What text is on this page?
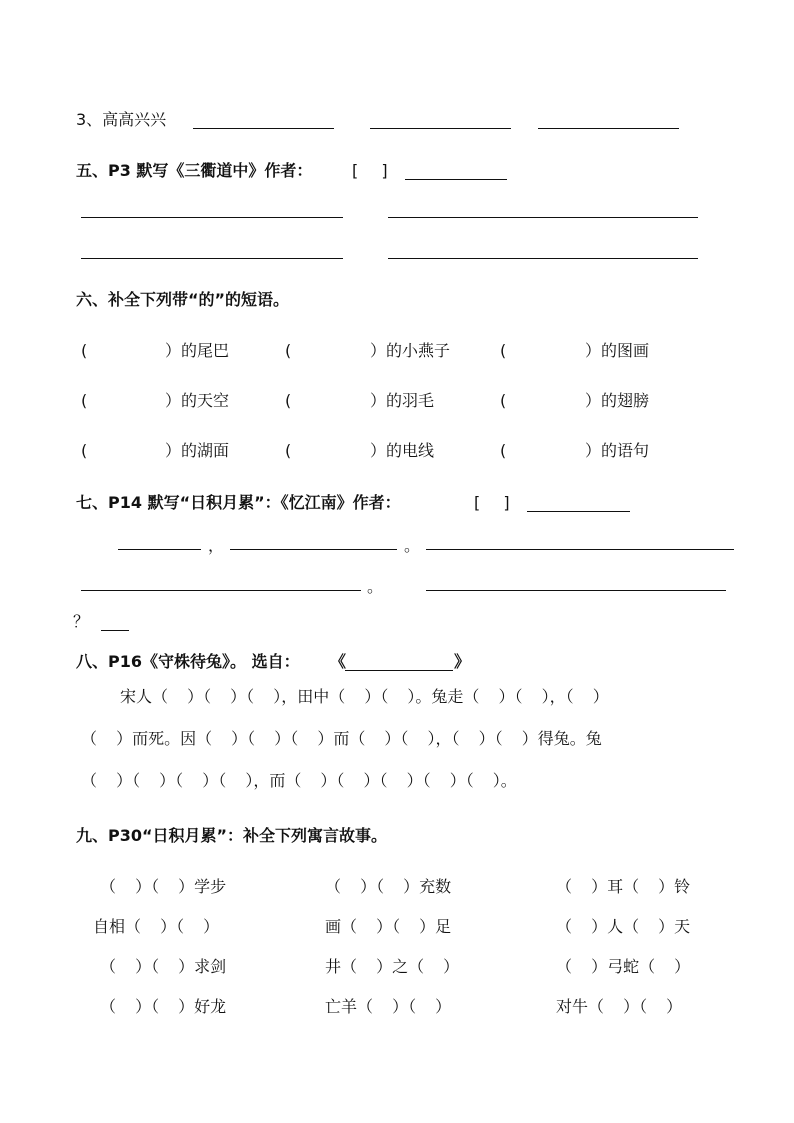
3、高高兴兴
五、P3 默写《三衢道中》作者： [ ]
六、补全下列带“的”的短语。
(	）的尾巴	(	）的小燕子	(	）的图画
(	）的天空	(	）的羽毛	(	）的翅膀
(	）的湖面	(	）的电线	(	）的语句
七、P14 默写“日积月累”：《忆江南》作者：	[ ]
，	。
。
？
八、P16《守株待兔》。 选自： 《	》
宋人（ ）（ ）（ ），田中（ ）（ ）。兔走（ ）（ ），（ ）
（ ）而死。因（ ）（ ）（ ）而（ ）（ ），（ ）（ ）得兔。兔
（ ）（ ）（ ）（ ），而（ ）（ ）（ ）（ ）（ ）。
九、P30“日积月累”：补全下列寓言故事。
（ ）（ ）学步	（ ）（ ）充数	（ ）耳（ ）铃
自相（ ）（ ）	画（ ）（ ）足	（ ）人（ ）天
（ ）（ ）求剑	井（ ）之（ ）	（ ）弓蛇（ ）
（ ）（ ）好龙	亡羊（ ）（ ）	对牛（ ）（ ）
